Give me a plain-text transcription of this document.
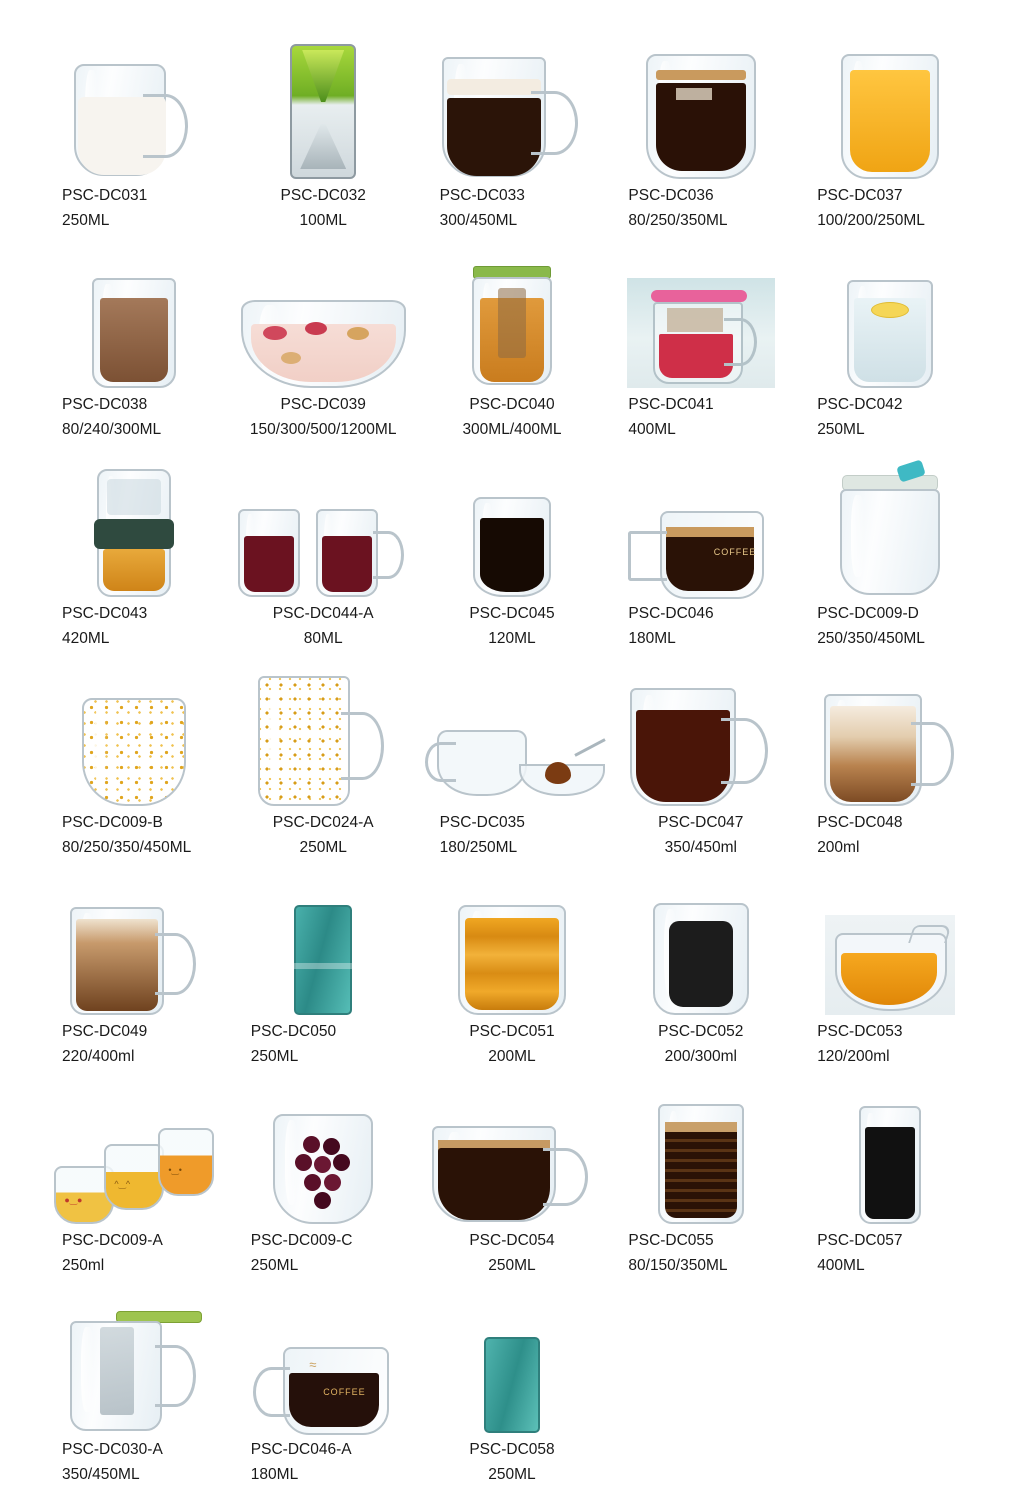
PSC-DC031
250ML
PSC-DC032
100ML
PSC-DC033
300/450ML
PSC-DC036
80/250/350ML
PSC-DC037
100/200/250ML
PSC-DC038
80/240/300ML
PSC-DC039
150/300/500/1200ML
PSC-DC040
300ML/400ML
PSC-DC041
400ML
PSC-DC042
250ML
PSC-DC043
420ML
PSC-DC044-A
80ML
PSC-DC045
120ML
COFFEE
PSC-DC046
180ML
PSC-DC009-D
250/350/450ML
PSC-DC009-B
80/250/350/450ML
PSC-DC024-A
250ML
PSC-DC035
180/250ML
PSC-DC047
350/450ml
PSC-DC048
200ml
PSC-DC049
220/400ml
PSC-DC050
250ML
PSC-DC051
200ML
PSC-DC052
200/300ml
PSC-DC053
120/200ml
●‿●
^‿^
•‿•
PSC-DC009-A
250ml
PSC-DC009-C
250ML
PSC-DC054
250ML
PSC-DC055
80/150/350ML
PSC-DC057
400ML
PSC-DC030-A
350/450ML
COFFEE
≈
PSC-DC046-A
180ML
PSC-DC058
250ML
